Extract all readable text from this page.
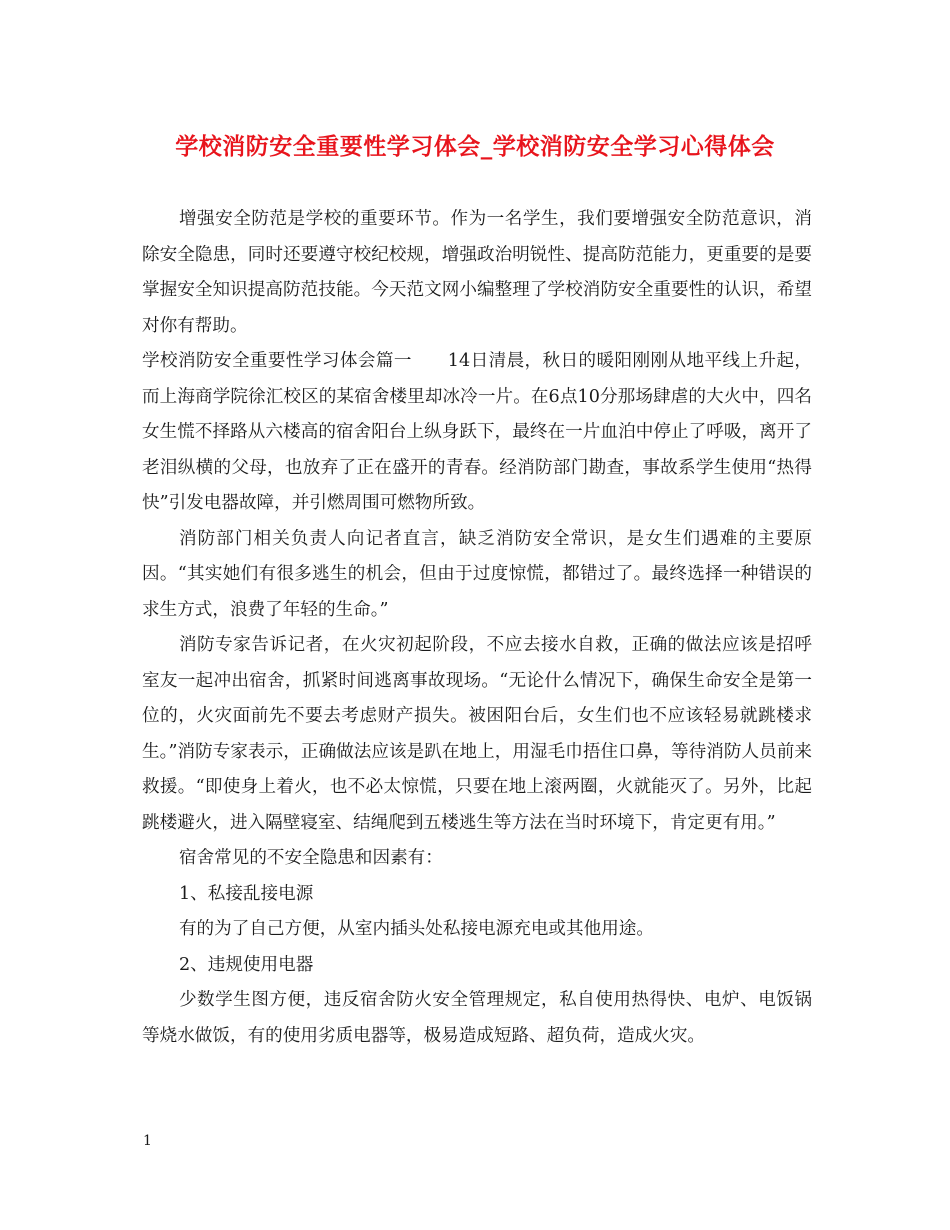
学校消防安全重要性学习体会_学校消防安全学习心得体会

增强安全防范是学校的重要环节。作为一名学生，我们要增强安全防范意识，消除安全隐患，同时还要遵守校纪校规，增强政治明锐性、提高防范能力，更重要的是要掌握安全知识提高防范技能。今天范文网小编整理了学校消防安全重要性的认识，希望对你有帮助。

学校消防安全重要性学习体会篇一　　14日清晨，秋日的暖阳刚刚从地平线上升起，而上海商学院徐汇校区的某宿舍楼里却冰冷一片。在6点10分那场肆虐的大火中，四名女生慌不择路从六楼高的宿舍阳台上纵身跃下，最终在一片血泊中停止了呼吸，离开了老泪纵横的父母，也放弃了正在盛开的青春。经消防部门勘查，事故系学生使用“热得快”引发电器故障，并引燃周围可燃物所致。

消防部门相关负责人向记者直言，缺乏消防安全常识，是女生们遇难的主要原因。“其实她们有很多逃生的机会，但由于过度惊慌，都错过了。最终选择一种错误的求生方式，浪费了年轻的生命。”

消防专家告诉记者，在火灾初起阶段，不应去接水自救，正确的做法应该是招呼室友一起冲出宿舍，抓紧时间逃离事故现场。“无论什么情况下，确保生命安全是第一位的，火灾面前先不要去考虑财产损失。被困阳台后，女生们也不应该轻易就跳楼求生。”消防专家表示，正确做法应该是趴在地上，用湿毛巾捂住口鼻，等待消防人员前来救援。“即使身上着火，也不必太惊慌，只要在地上滚两圈，火就能灭了。另外，比起跳楼避火，进入隔壁寝室、结绳爬到五楼逃生等方法在当时环境下，肯定更有用。”

宿舍常见的不安全隐患和因素有：

1、私接乱接电源

有的为了自己方便，从室内插头处私接电源充电或其他用途。

2、违规使用电器

少数学生图方便，违反宿舍防火安全管理规定，私自使用热得快、电炉、电饭锅等烧水做饭，有的使用劣质电器等，极易造成短路、超负荷，造成火灾。

1
